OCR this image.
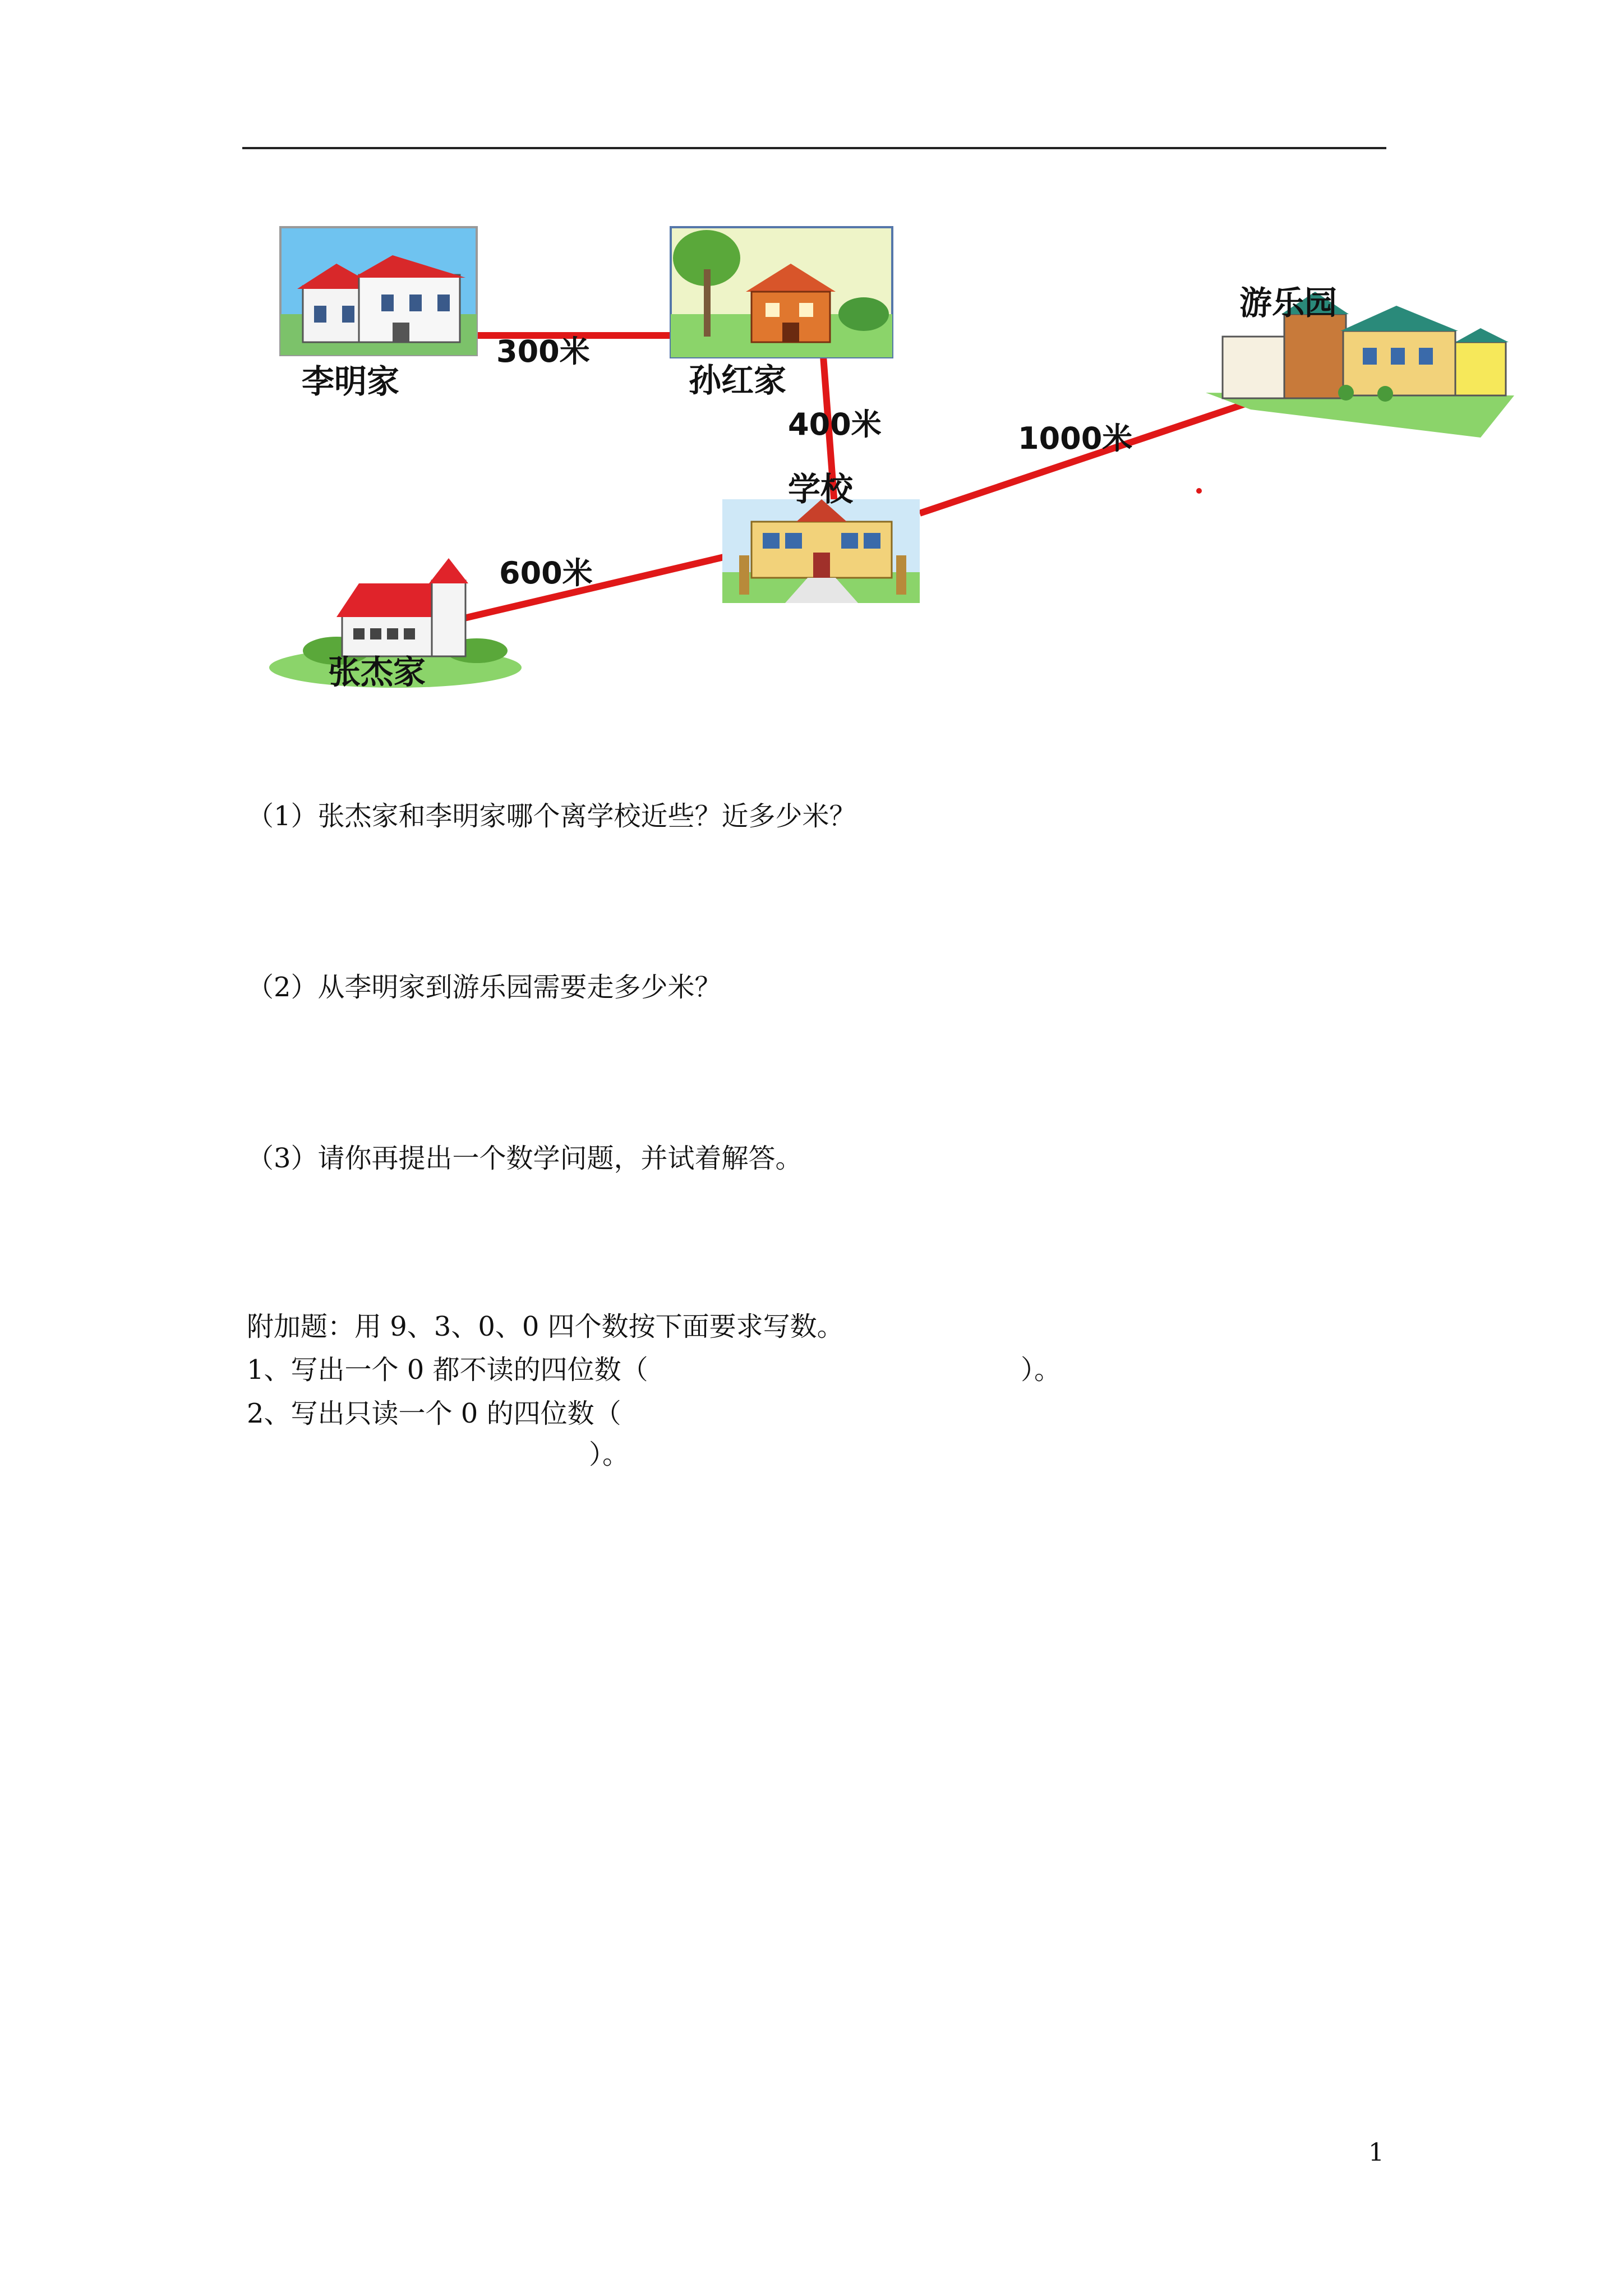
李明家	孙红家
学校
张杰家
游乐园
300米
400米	1000米
600米
（1）张杰家和李明家哪个离学校近些？近多少米？
（2）从李明家到游乐园需要走多少米？
（3）请你再提出一个数学问题，并试着解答。
附加题：用 9、3、0、0 四个数按下面要求写数。
1、写出一个 0 都不读的四位数（	）。
2、写出只读一个 0 的四位数（
）。
1
